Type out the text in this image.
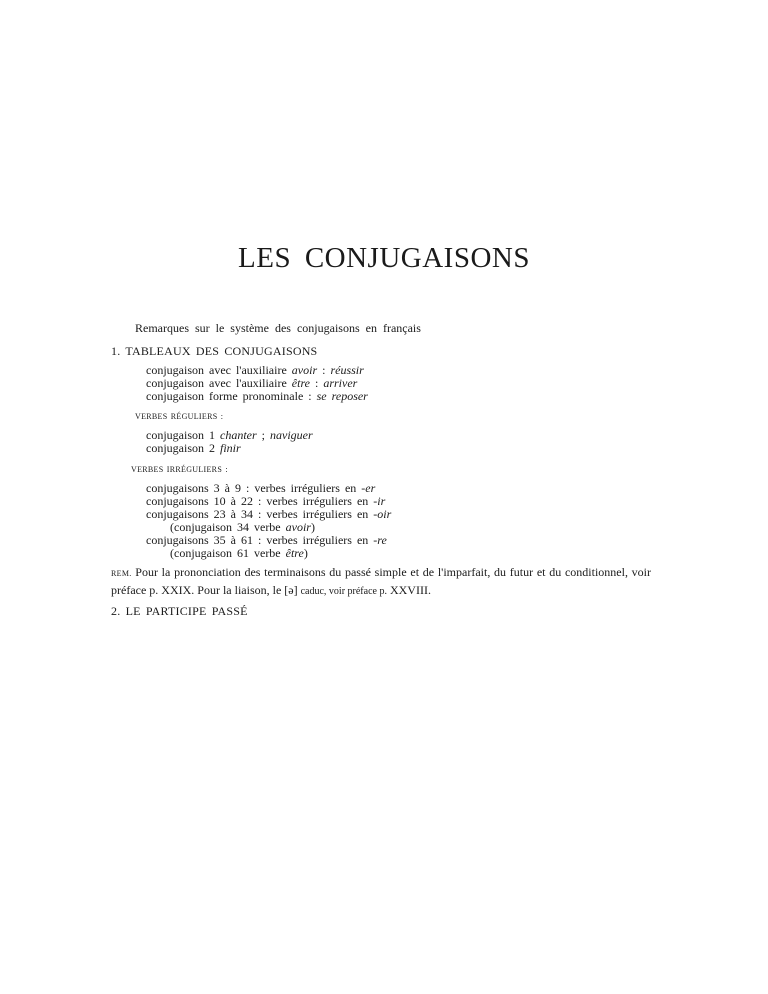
LES CONJUGAISONS
Remarques sur le système des conjugaisons en français
1. TABLEAUX DES CONJUGAISONS
conjugaison avec l'auxiliaire avoir : réussir
conjugaison avec l'auxiliaire être : arriver
conjugaison forme pronominale : se reposer
VERBES RÉGULIERS :
conjugaison 1 chanter ; naviguer
conjugaison 2 finir
VERBES IRRÉGULIERS :
conjugaisons 3 à 9 : verbes irréguliers en -er
conjugaisons 10 à 22 : verbes irréguliers en -ir
conjugaisons 23 à 34 : verbes irréguliers en -oir
(conjugaison 34 verbe avoir)
conjugaisons 35 à 61 : verbes irréguliers en -re
(conjugaison 61 verbe être)
REM. Pour la prononciation des terminaisons du passé simple et de l'imparfait, du futur et du conditionnel, voir préface p. XXIX. Pour la liaison, le [ə] caduc, voir préface p. XXVIII.
2. LE PARTICIPE PASSÉ
